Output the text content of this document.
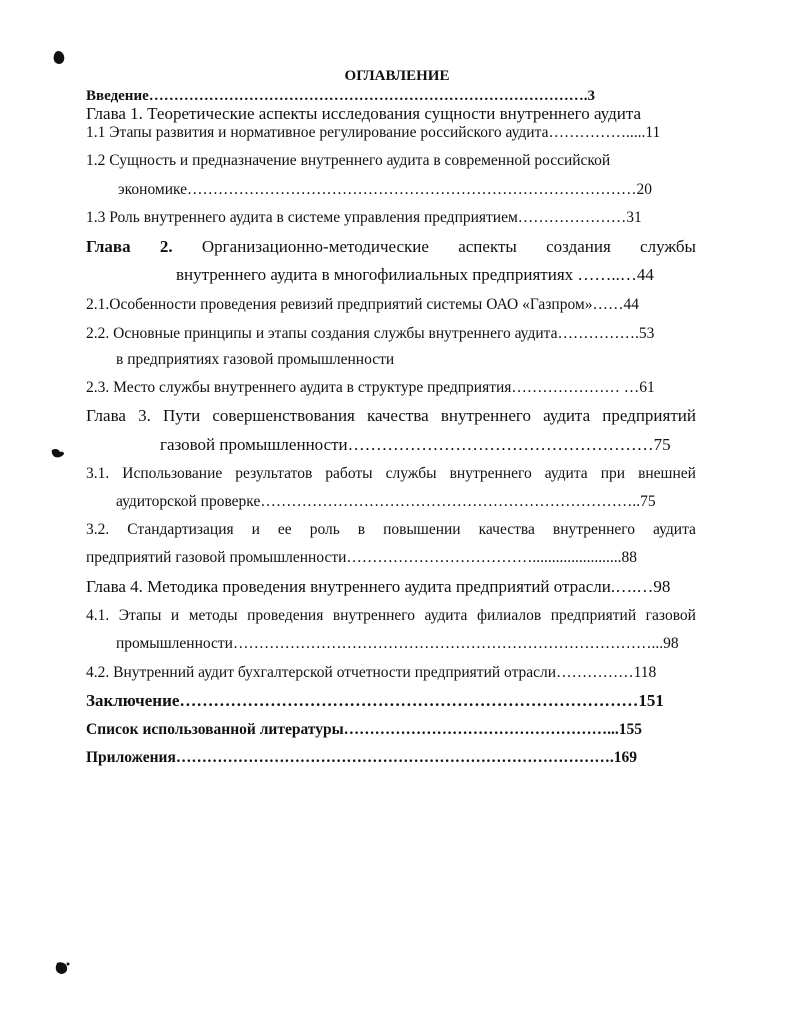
ОГЛАВЛЕНИЕ
Введение…………………………………………………………………………….3
Глава 1. Теоретические аспекты исследования сущности внутреннего аудита
1.1 Этапы развития и нормативное регулирование российского аудита…………….....11
1.2 Сущность и предназначение внутреннего аудита в современной российской
экономике……………………………………………………………………………20
1.3 Роль внутреннего аудита в системе управления предприятием…………………31
Глава 2. Организационно-методические аспекты создания службы
внутреннего аудита в многофилиальных предприятиях ……..…44
2.1.Особенности проведения ревизий предприятий системы ОАО «Газпром»……44
2.2. Основные принципы и этапы создания службы внутреннего аудита…………….53
в предприятиях газовой промышленности
2.3. Место службы внутреннего аудита в структуре предприятия………………… …61
Глава 3. Пути совершенствования качества внутреннего аудита предприятий
газовой промышленности………………………………………………75
3.1. Использование результатов работы службы внутреннего аудита при внешней
аудиторской проверке………………………………………………………………..75
3.2. Стандартизация и ее роль в повышении качества внутреннего аудита
предприятий газовой промышленности……………………………….......................88
Глава 4. Методика проведения внутреннего аудита предприятий отрасли.….…98
4.1. Этапы и методы проведения внутреннего аудита филиалов предприятий газовой
промышленности………………………………………………………………………...98
4.2. Внутренний аудит бухгалтерской отчетности предприятий отрасли……………118
Заключение………………………………………………………………………151
Список использованной литературы……………………………………………...155
Приложения………………………………………………………………………….169
